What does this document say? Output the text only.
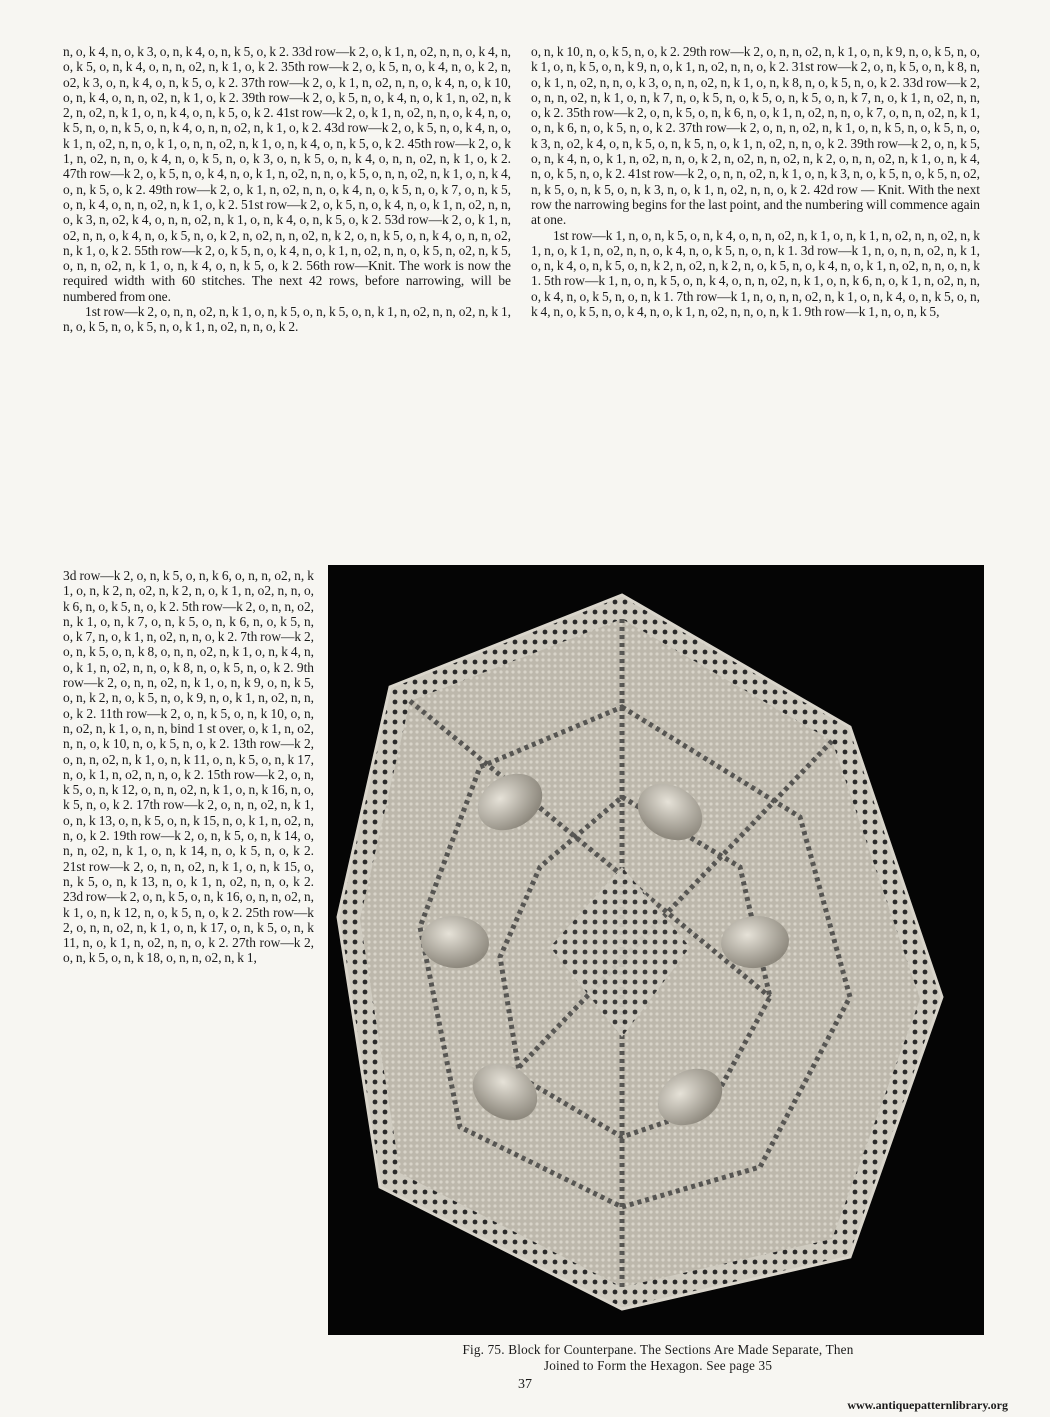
n, o, k 4, n, o, k 3, o, n, k 4, o, n, k 5, o, k 2. 33d row—k 2, o, k 1, n, o2, n, n, o, k 4, n, o, k 5, o, n, k 4, o, n, n, o2, n, k 1, o, k 2. 35th row—k 2, o, k 5, n, o, k 4, n, o, k 2, n, o2, k 3, o, n, k 4, o, n, k 5, o, k 2. 37th row—k 2, o, k 1, n, o2, n, n, o, k 4, n, o, k 10, o, n, k 4, o, n, n, o2, n, k 1, o, k 2. 39th row—k 2, o, k 5, n, o, k 4, n, o, k 1, n, o2, n, k 2, n, o2, n, k 1, o, n, k 4, o, n, k 5, o, k 2. 41st row—k 2, o, k 1, n, o2, n, n, o, k 4, n, o, k 5, n, o, n, k 5, o, n, k 4, o, n, n, o2, n, k 1, o, k 2. 43d row—k 2, o, k 5, n, o, k 4, n, o, k 1, n, o2, n, n, o, k 1, o, n, n, o2, n, k 1, o, n, k 4, o, n, k 5, o, k 2. 45th row—k 2, o, k 1, n, o2, n, n, o, k 4, n, o, k 5, n, o, k 3, o, n, k 5, o, n, k 4, o, n, n, o2, n, k 1, o, k 2. 47th row—k 2, o, k 5, n, o, k 4, n, o, k 1, n, o2, n, n, o, k 5, o, n, n, o2, n, k 1, o, n, k 4, o, n, k 5, o, k 2. 49th row—k 2, o, k 1, n, o2, n, n, o, k 4, n, o, k 5, n, o, k 7, o, n, k 5, o, n, k 4, o, n, n, o2, n, k 1, o, k 2. 51st row—k 2, o, k 5, n, o, k 4, n, o, k 1, n, o2, n, n, o, k 3, n, o2, k 4, o, n, n, o2, n, k 1, o, n, k 4, o, n, k 5, o, k 2. 53d row—k 2, o, k 1, n, o2, n, n, o, k 4, n, o, k 5, n, o, k 2, n, o2, n, n, o2, n, k 2, o, n, k 5, o, n, k 4, o, n, n, o2, n, k 1, o, k 2. 55th row—k 2, o, k 5, n, o, k 4, n, o, k 1, n, o2, n, n, o, k 5, n, o2, n, k 5, o, n, n, o2, n, k 1, o, n, k 4, o, n, k 5, o, k 2. 56th row—Knit. The work is now the required width with 60 stitches. The next 42 rows, before narrowing, will be numbered from one.

1st row—k 2, o, n, n, o2, n, k 1, o, n, k 5, o, n, k 5, o, n, k 1, n, o2, n, n, o2, n, k 1, n, o, k 5, n, o, k 5, n, o, k 1, n, o2, n, n, o, k 2.

o, n, k 10, n, o, k 5, n, o, k 2. 29th row—k 2, o, n, n, o2, n, k 1, o, n, k 9, n, o, k 5, n, o, k 1, o, n, k 5, o, n, k 9, n, o, k 1, n, o2, n, n, o, k 2. 31st row—k 2, o, n, k 5, o, n, k 8, n, o, k 1, n, o2, n, n, o, k 3, o, n, n, o2, n, k 1, o, n, k 8, n, o, k 5, n, o, k 2. 33d row—k 2, o, n, n, o2, n, k 1, o, n, k 7, n, o, k 5, n, o, k 5, o, n, k 5, o, n, k 7, n, o, k 1, n, o2, n, n, o, k 2. 35th row—k 2, o, n, k 5, o, n, k 6, n, o, k 1, n, o2, n, n, o, k 7, o, n, n, o2, n, k 1, o, n, k 6, n, o, k 5, n, o, k 2. 37th row—k 2, o, n, n, o2, n, k 1, o, n, k 5, n, o, k 5, n, o, k 3, n, o2, k 4, o, n, k 5, o, n, k 5, n, o, k 1, n, o2, n, n, o, k 2. 39th row—k 2, o, n, k 5, o, n, k 4, n, o, k 1, n, o2, n, n, o, k 2, n, o2, n, n, o2, n, k 2, o, n, n, o2, n, k 1, o, n, k 4, n, o, k 5, n, o, k 2. 41st row—k 2, o, n, n, o2, n, k 1, o, n, k 3, n, o, k 5, n, o, k 5, n, o2, n, k 5, o, n, k 5, o, n, k 3, n, o, k 1, n, o2, n, n, o, k 2. 42d row — Knit. With the next row the narrowing begins for the last point, and the numbering will commence again at one.

1st row—k 1, n, o, n, k 5, o, n, k 4, o, n, n, o2, n, k 1, o, n, k 1, n, o2, n, n, o2, n, k 1, n, o, k 1, n, o2, n, n, o, k 4, n, o, k 5, n, o, n, k 1. 3d row—k 1, n, o, n, n, o2, n, k 1, o, n, k 4, o, n, k 5, o, n, k 2, n, o2, n, k 2, n, o, k 5, n, o, k 4, n, o, k 1, n, o2, n, n, o, n, k 1. 5th row—k 1, n, o, n, k 5, o, n, k 4, o, n, n, o2, n, k 1, o, n, k 6, n, o, k 1, n, o2, n, n, o, k 4, n, o, k 5, n, o, n, k 1. 7th row—k 1, n, o, n, n, o2, n, k 1, o, n, k 4, o, n, k 5, o, n, k 4, n, o, k 5, n, o, k 4, n, o, k 1, n, o2, n, n, o, n, k 1. 9th row—k 1, n, o, n, k 5,

3d row—k 2, o, n, k 5, o, n, k 6, o, n, n, o2, n, k 1, o, n, k 2, n, o2, n, k 2, n, o, k 1, n, o2, n, n, o, k 6, n, o, k 5, n, o, k 2. 5th row—k 2, o, n, n, o2, n, k 1, o, n, k 7, o, n, k 5, o, n, k 6, n, o, k 5, n, o, k 7, n, o, k 1, n, o2, n, n, o, k 2. 7th row—k 2, o, n, k 5, o, n, k 8, o, n, n, o2, n, k 1, o, n, k 4, n, o, k 1, n, o2, n, n, o, k 8, n, o, k 5, n, o, k 2. 9th row—k 2, o, n, n, o2, n, k 1, o, n, k 9, o, n, k 5, o, n, k 2, n, o, k 5, n, o, k 9, n, o, k 1, n, o2, n, n, o, k 2. 11th row—k 2, o, n, k 5, o, n, k 10, o, n, n, o2, n, k 1, o, n, n, bind 1 st over, o, k 1, n, o2, n, n, o, k 10, n, o, k 5, n, o, k 2. 13th row—k 2, o, n, n, o2, n, k 1, o, n, k 11, o, n, k 5, o, n, k 17, n, o, k 1, n, o2, n, n, o, k 2. 15th row—k 2, o, n, k 5, o, n, k 12, o, n, n, o2, n, k 1, o, n, k 16, n, o, k 5, n, o, k 2. 17th row—k 2, o, n, n, o2, n, k 1, o, n, k 13, o, n, k 5, o, n, k 15, n, o, k 1, n, o2, n, n, o, k 2. 19th row—k 2, o, n, k 5, o, n, k 14, o, n, n, o2, n, k 1, o, n, k 14, n, o, k 5, n, o, k 2. 21st row—k 2, o, n, n, o2, n, k 1, o, n, k 15, o, n, k 5, o, n, k 13, n, o, k 1, n, o2, n, n, o, k 2. 23d row—k 2, o, n, k 5, o, n, k 16, o, n, n, o2, n, k 1, o, n, k 12, n, o, k 5, n, o, k 2. 25th row—k 2, o, n, n, o2, n, k 1, o, n, k 17, o, n, k 5, o, n, k 11, n, o, k 1, n, o2, n, n, o, k 2. 27th row—k 2, o, n, k 5, o, n, k 18, o, n, n, o2, n, k 1,

Fig. 75. Block for Counterpane. The Sections Are Made Separate, Then
Joined to Form the Hexagon. See page 35
37
www.antiquepatternlibrary.org
